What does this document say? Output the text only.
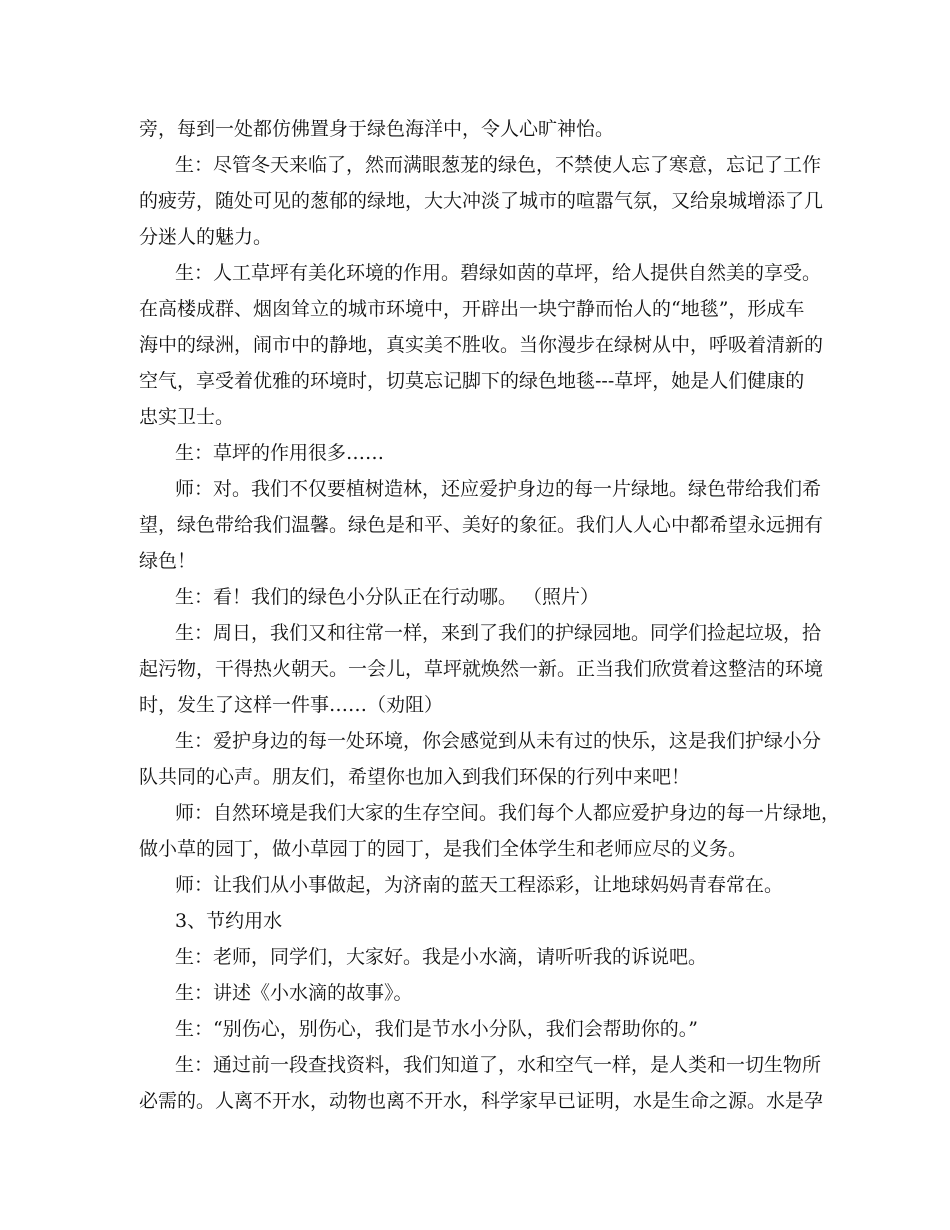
旁，每到一处都仿佛置身于绿色海洋中，令人心旷神怡。
生：尽管冬天来临了，然而满眼葱茏的绿色，不禁使人忘了寒意，忘记了工作
的疲劳，随处可见的葱郁的绿地，大大冲淡了城市的喧嚣气氛，又给泉城增添了几
分迷人的魅力。
生：人工草坪有美化环境的作用。碧绿如茵的草坪，给人提供自然美的享受。
在高楼成群、烟囱耸立的城市环境中，开辟出一块宁静而怡人的“地毯”，形成车
海中的绿洲，闹市中的静地，真实美不胜收。当你漫步在绿树从中，呼吸着清新的
空气，享受着优雅的环境时，切莫忘记脚下的绿色地毯---草坪，她是人们健康的
忠实卫士。
生：草坪的作用很多……
师：对。我们不仅要植树造林，还应爱护身边的每一片绿地。绿色带给我们希
望，绿色带给我们温馨。绿色是和平、美好的象征。我们人人心中都希望永远拥有
绿色！
生：看！我们的绿色小分队正在行动哪。 （照片）
生：周日，我们又和往常一样，来到了我们的护绿园地。同学们捡起垃圾，拾
起污物，干得热火朝天。一会儿，草坪就焕然一新。正当我们欣赏着这整洁的环境
时，发生了这样一件事……（劝阻）
生：爱护身边的每一处环境，你会感觉到从未有过的快乐，这是我们护绿小分
队共同的心声。朋友们，希望你也加入到我们环保的行列中来吧！
师：自然环境是我们大家的生存空间。我们每个人都应爱护身边的每一片绿地，
做小草的园丁，做小草园丁的园丁，是我们全体学生和老师应尽的义务。
师：让我们从小事做起，为济南的蓝天工程添彩，让地球妈妈青春常在。
3、节约用水
生：老师，同学们，大家好。我是小水滴，请听听我的诉说吧。
生：讲述《小水滴的故事》。
生：“别伤心，别伤心，我们是节水小分队，我们会帮助你的。”
生：通过前一段查找资料，我们知道了，水和空气一样，是人类和一切生物所
必需的。人离不开水，动物也离不开水，科学家早已证明，水是生命之源。水是孕
